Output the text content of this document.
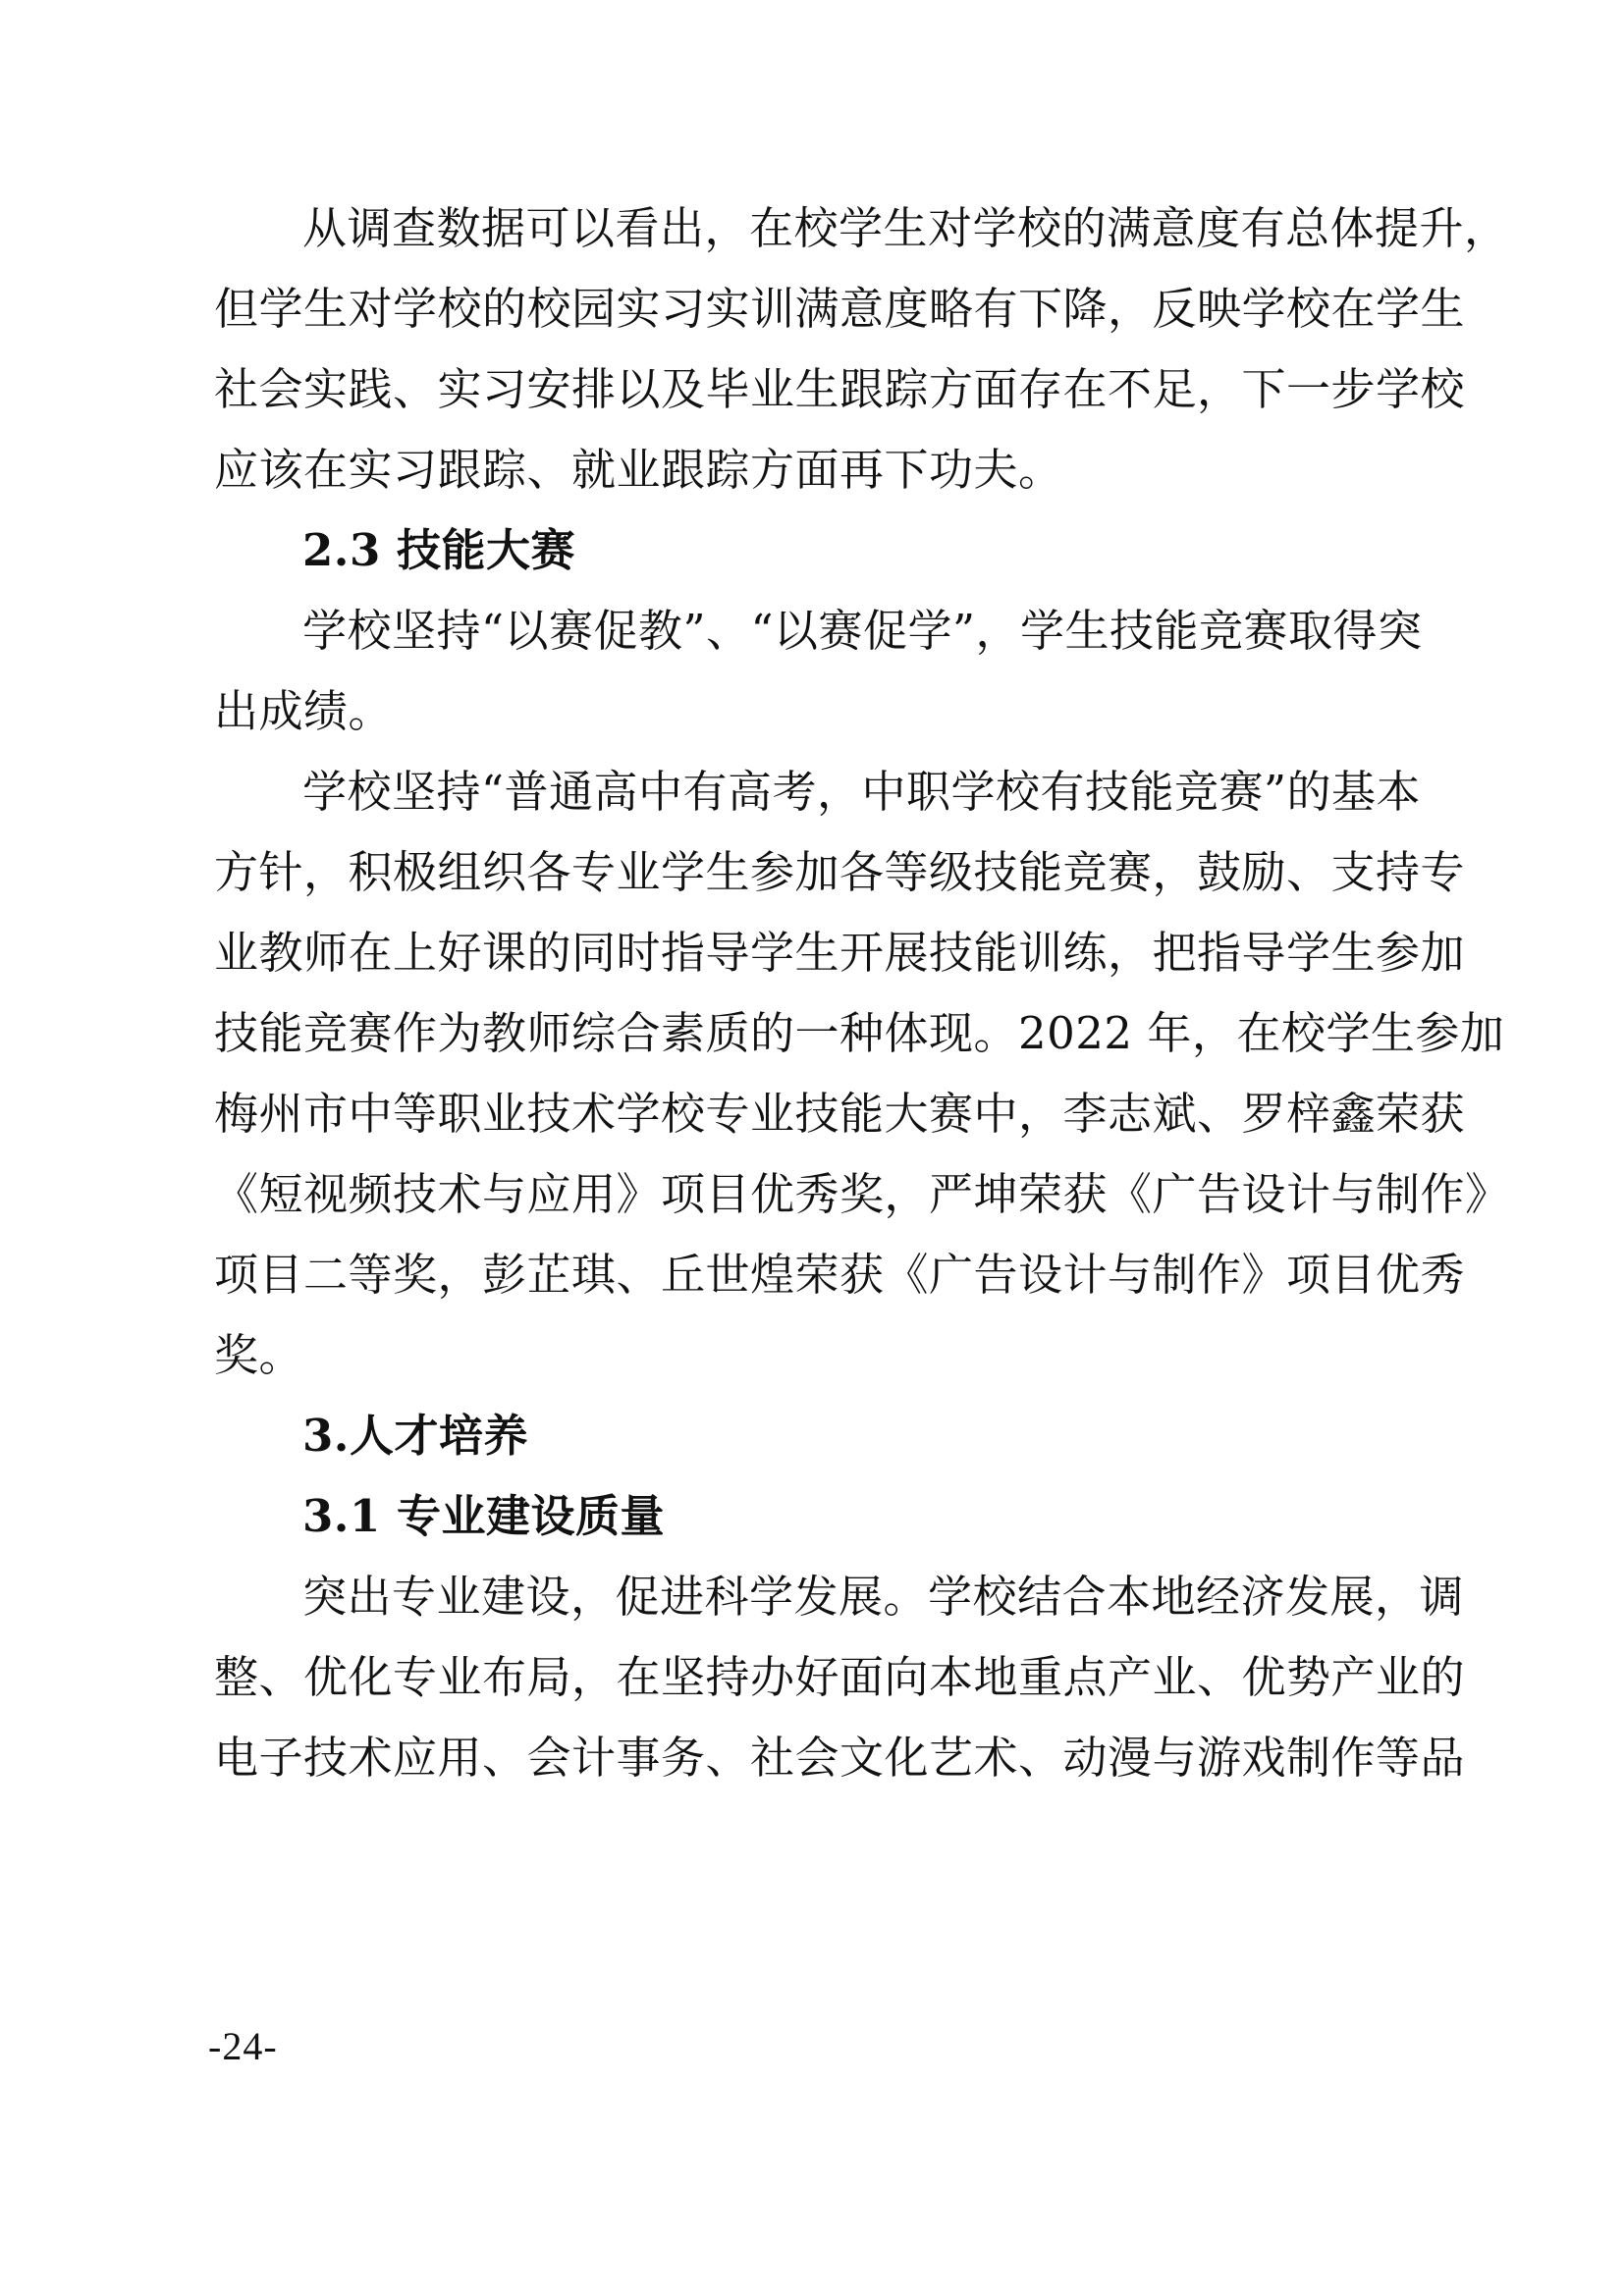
从调查数据可以看出，在校学生对学校的满意度有总体提升，
但学生对学校的校园实习实训满意度略有下降，反映学校在学生
社会实践、实习安排以及毕业生跟踪方面存在不足，下一步学校
应该在实习跟踪、就业跟踪方面再下功夫。
2.3 技能大赛
学校坚持“以赛促教”、“以赛促学”，学生技能竞赛取得突
出成绩。
学校坚持“普通高中有高考，中职学校有技能竞赛”的基本
方针，积极组织各专业学生参加各等级技能竞赛，鼓励、支持专
业教师在上好课的同时指导学生开展技能训练，把指导学生参加
技能竞赛作为教师综合素质的一种体现。2022 年，在校学生参加
梅州市中等职业技术学校专业技能大赛中，李志斌、罗梓鑫荣获
《短视频技术与应用》项目优秀奖，严坤荣获《广告设计与制作》
项目二等奖，彭芷琪、丘世煌荣获《广告设计与制作》项目优秀
奖。
3.人才培养
3.1 专业建设质量
突出专业建设，促进科学发展。学校结合本地经济发展，调
整、优化专业布局，在坚持办好面向本地重点产业、优势产业的
电子技术应用、会计事务、社会文化艺术、动漫与游戏制作等品
-24-
